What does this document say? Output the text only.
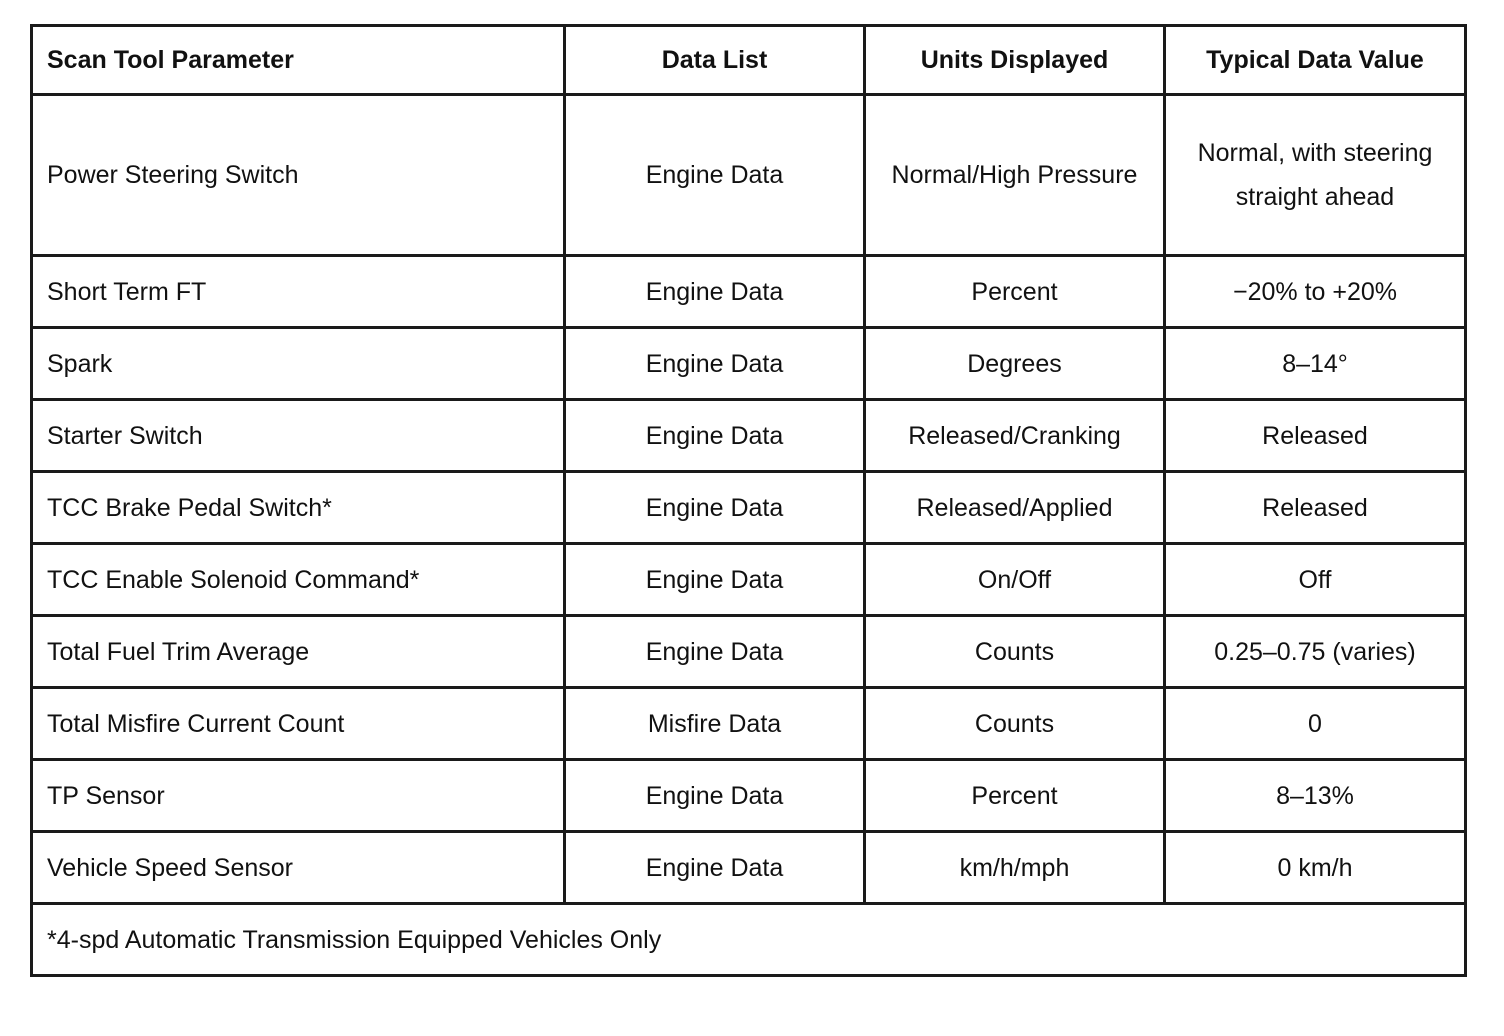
Scan Tool Parameter	Data List	Units Displayed	Typical Data Value
Power Steering Switch	Engine Data	Normal/High Pressure	Normal, with steering straight ahead
Short Term FT	Engine Data	Percent	−20% to +20%
Spark	Engine Data	Degrees	8–14°
Starter Switch	Engine Data	Released/Cranking	Released
TCC Brake Pedal Switch*	Engine Data	Released/Applied	Released
TCC Enable Solenoid Command*	Engine Data	On/Off	Off
Total Fuel Trim Average	Engine Data	Counts	0.25–0.75 (varies)
Total Misfire Current Count	Misfire Data	Counts	0
TP Sensor	Engine Data	Percent	8–13%
Vehicle Speed Sensor	Engine Data	km/h/mph	0 km/h
*4-spd Automatic Transmission Equipped Vehicles Only			
